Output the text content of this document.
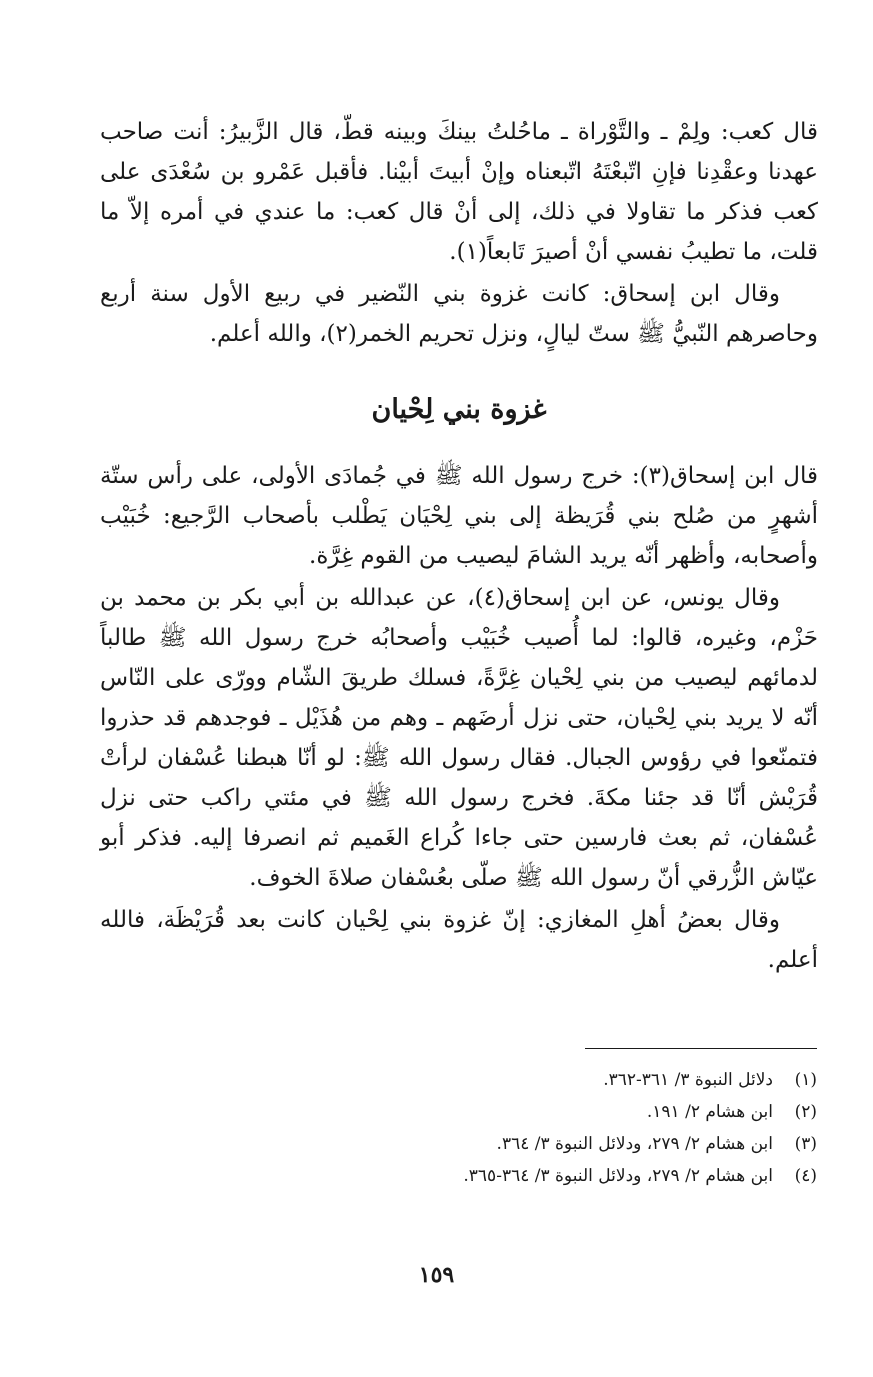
قال كعب: ولِمْ ـ والتَّوْراة ـ ماحُلتُ بينكَ وبينه قطّ، قال الزَّبيرُ: أنت صاحب عهدنا وعقْدِنا فإنِ اتّبعْتَهُ اتّبعناه وإنْ أبيتَ أبيْنا. فأقبل عَمْرو بن سُعْدَى على كعب فذكر ما تقاولا في ذلك، إلى أنْ قال كعب: ما عندي في أمره إلاّ ما قلت، ما تطيبُ نفسي أنْ أصيرَ تَابعاً(١).

وقال ابن إسحاق: كانت غزوة بني النّضير في ربيع الأول سنة أربع وحاصرهم النّبيُّ ﷺ ستّ ليالٍ، ونزل تحريم الخمر(٢)، والله أعلم.

غزوة بني لِحْيان

قال ابن إسحاق(٣): خرج رسول الله ﷺ في جُمادَى الأولى، على رأس ستّة أشهرٍ من صُلح بني قُرَيظة إلى بني لِحْيَان يَطْلب بأصحاب الرَّجيع: خُبَيْب وأصحابه، وأظهر أنّه يريد الشامَ ليصيب من القوم غِرَّة.

وقال يونس، عن ابن إسحاق(٤)، عن عبدالله بن أبي بكر بن محمد بن حَزْم، وغيره، قالوا: لما أُصيب خُبَيْب وأصحابُه خرج رسول الله ﷺ طالباً لدمائهم ليصيب من بني لِحْيان غِرَّةً، فسلك طريقَ الشّام وورّى على النّاس أنّه لا يريد بني لِحْيان، حتى نزل أرضَهم ـ وهم من هُذَيْل ـ فوجدهم قد حذروا فتمنّعوا في رؤوس الجبال. فقال رسول الله ﷺ: لو أنّا هبطنا عُسْفان لرأتْ قُرَيْش أنّا قد جئنا مكةَ. فخرج رسول الله ﷺ في مئتي راكب حتى نزل عُسْفان، ثم بعث فارسين حتى جاءا كُراع الغَميم ثم انصرفا إليه. فذكر أبو عيّاش الزُّرقي أنّ رسول الله ﷺ صلّى بعُسْفان صلاةَ الخوف.

وقال بعضُ أهلِ المغازي: إنّ غزوة بني لِحْيان كانت بعد قُرَيْظَة، فالله أعلم.

(١)
دلائل النبوة ٣/ ٣٦١-٣٦٢.
(٢)
ابن هشام ٢/ ١٩١.
(٣)
ابن هشام ٢/ ٢٧٩، ودلائل النبوة ٣/ ٣٦٤.
(٤)
ابن هشام ٢/ ٢٧٩، ودلائل النبوة ٣/ ٣٦٤-٣٦٥.
١٥٩
